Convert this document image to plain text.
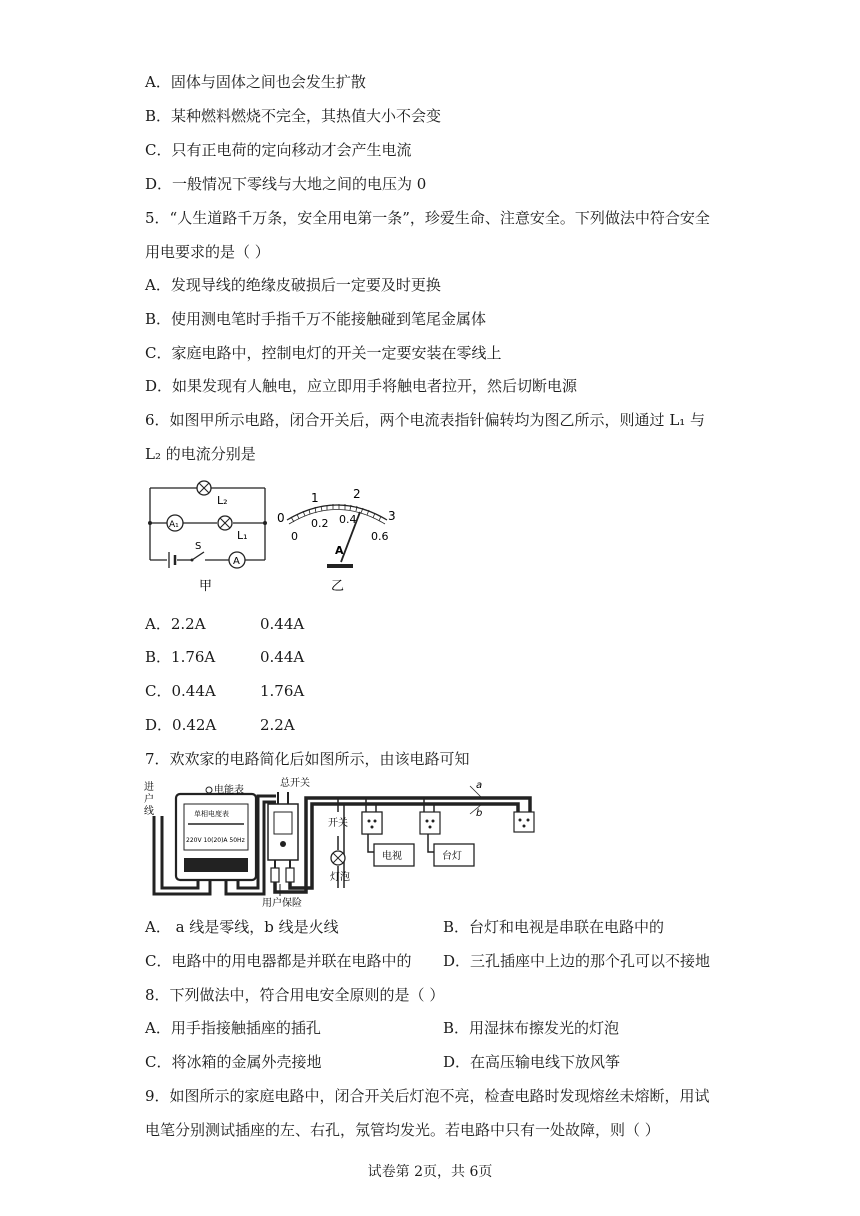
A．固体与固体之间也会发生扩散
B．某种燃料燃烧不完全，其热值大小不会变
C．只有正电荷的定向移动才会产生电流
D．一般情况下零线与大地之间的电压为 0
5．“人生道路千万条，安全用电第一条”，珍爱生命、注意安全。下列做法中符合安全
用电要求的是（ ）
A．发现导线的绝缘皮破损后一定要及时更换
B．使用测电笔时手指千万不能接触碰到笔尾金属体
C．家庭电路中，控制电灯的开关一定要安装在零线上
D．如果发现有人触电，应立即用手将触电者拉开，然后切断电源
6．如图甲所示电路，闭合开关后，两个电流表指针偏转均为图乙所示，则通过 L₁ 与
L₂ 的电流分别是
L₂
A₁
L₁
S
A
甲
0
1	2
3
0
0.2 0.4
0.6
A
乙
A．2.2A	0.44A
B．1.76A	0.44A
C．0.44A	1.76A
D．0.42A	2.2A
7．欢欢家的电路简化后如图所示，由该电路可知
进
户
线
电能表
单相电度表
220V 10(20)A 50Hz
总开关
用户保险
a
b
开关
灯泡
电视	台灯
A． a 线是零线，b 线是火线	B．台灯和电视是串联在电路中的
C．电路中的用电器都是并联在电路中的 D．三孔插座中上边的那个孔可以不接地
8．下列做法中，符合用电安全原则的是（ ）
A．用手指接触插座的插孔	B．用湿抹布擦发光的灯泡
C．将冰箱的金属外壳接地	D．在高压输电线下放风筝
9．如图所示的家庭电路中，闭合开关后灯泡不亮，检查电路时发现熔丝未熔断，用试
电笔分别测试插座的左、右孔，氖管均发光。若电路中只有一处故障，则（ ）
试卷第 2页，共 6页
